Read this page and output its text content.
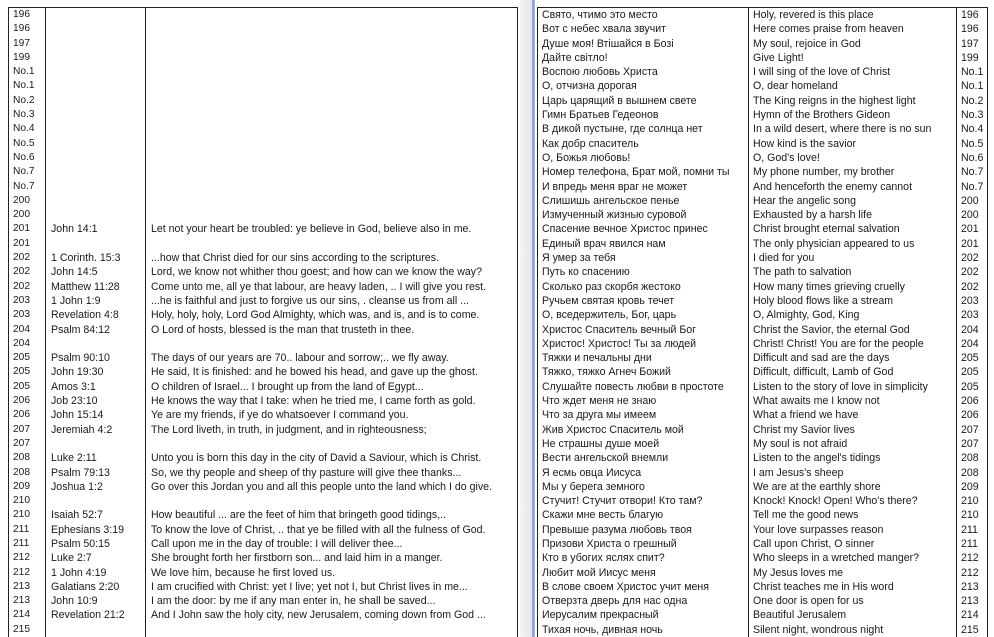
196		
196		
197		
199		
No.1		
No.1		
No.2		
No.3		
No.4		
No.5		
No.6		
No.7		
No.7		
200		
200		
201	John 14:1	Let not your heart be troubled: ye believe in God, believe also in me.
201		
202	1 Corinth. 15:3	...how that Christ died for our sins according to the scriptures.
202	John 14:5	Lord, we know not whither thou goest; and how can we know the way?
202	Matthew 11:28	Come unto me, all ye that labour, are heavy laden, .. I will give you rest.
203	1 John 1:9	...he is faithful and just to forgive us our sins, . cleanse us from all ...
203	Revelation 4:8	Holy, holy, holy, Lord God Almighty, which was, and is, and is to come.
204	Psalm 84:12	O Lord of hosts, blessed is the man that trusteth in thee.
204		
205	Psalm 90:10	The days of our years are 70.. labour and sorrow;.. we fly away.
205	John 19:30	He said, It is finished: and he bowed his head, and gave up the ghost.
205	Amos 3:1	O children of Israel... I brought up from the land of Egypt...
206	Job 23:10	He knows the way that I take: when he tried me, I came forth as gold.
206	John 15:14	Ye are my friends, if ye do whatsoever I command you.
207	Jeremiah 4:2	The Lord liveth, in truth, in judgment, and in righteousness;
207		
208	Luke 2:11	Unto you is born this day in the city of David a Saviour, which is Christ.
208	Psalm 79:13	So, we thy people and sheep of thy pasture will give thee thanks...
209	Joshua 1:2	Go over this Jordan you and all this people unto the land which I do give.
210		
210	Isaiah 52:7	How beautiful ... are the feet of him that bringeth good tidings,..
211	Ephesians 3:19	To know the love of Christ, .. that ye be filled with all the fulness of God.
211	Psalm 50:15	Call upon me in the day of trouble: I will deliver thee...
212	Luke 2:7	She brought forth her firstborn son... and laid him in a manger.
212	1 John 4:19	We love him, because he first loved us.
213	Galatians 2:20	I am crucified with Christ: yet I live; yet not I, but Christ lives in me...
213	John 10:9	I am the door: by me if any man enter in, he shall be saved...
214	Revelation 21:2	And I John saw the holy city, new Jerusalem, coming down from God ...
215		

Свято, чтимо это место	Holy, revered is this place	196
Вот с небес хвала звучит	Here comes praise from heaven	196
Душе моя! Втішайся в Бозі	My soul, rejoice in God	197
Дайте світло!	Give Light!	199
Воспою любовь Христа	I will sing of the love of Christ	No.1
О, отчизна дорогая	O, dear homeland	No.1
Царь царящий в вышнем свете	The King reigns in the highest light	No.2
Гимн Братьев Гедеонов	Hymn of the Brothers Gideon	No.3
В дикой пустыне, где солнца нет	In a wild desert, where there is no sun	No.4
Как добр спаситель	How kind is the savior	No.5
О, Божья любовь!	O, God's love!	No.6
Номер телефона, Брат мой, помни ты	My phone number, my brother	No.7
И впредь меня враг не может	And henceforth the enemy cannot	No.7
Слишишь ангельское пенье	Hear the angelic song	200
Измученный жизнью суровой	Exhausted by a harsh life	200
Спасение вечное Христос принес	Christ brought eternal salvation	201
Единый врач явился нам	The only physician appeared to us	201
Я умер за тебя	I died for you	202
Путь ко спасению	The path to salvation	202
Сколько раз скорбя жестоко	How many times grieving cruelly	202
Ручьем святая кровь течет	Holy blood flows like a stream	203
О, вседержитель, Бог, царь	O, Almighty, God, King	203
Христос Спаситель вечный Бог	Christ the Savior, the eternal God	204
Христос! Христос! Ты за людей	Christ! Christ! You are for the people	204
Тяжки и печальны дни	Difficult and sad are the days	205
Тяжко, тяжко Агнеч Божий	Difficult, difficult, Lamb of God	205
Слушайте повесть любви в простоте	Listen to the story of love in simplicity	205
Что ждет меня не знаю	What awaits me I know not	206
Что за друга мы имеем	What a friend we have	206
Жив Христос Спаситель мой	Christ my Savior lives	207
Не страшны душе моей	My soul is not afraid	207
Вести ангельской внемли	Listen to the angel's tidings	208
Я есмь овца Иисуса	I am Jesus's sheep	208
Мы у берега земного	We are at the earthly shore	209
Стучит! Стучит отвори! Кто там?	Knock! Knock! Open! Who's there?	210
Скажи мне весть благую	Tell me the good news	210
Превыше разума любовь твоя	Your love surpasses reason	211
Призови Христа о грешный	Call upon Christ, O sinner	211
Кто в убогих яслях спит?	Who sleeps in a wretched manger?	212
Любит мой Иисус меня	My Jesus loves me	212
В слове своем Христос учит меня	Christ teaches me in His word	213
Отверзта дверь для нас одна	One door is open for us	213
Иерусалим прекрасный	Beautiful Jerusalem	214
Тихая ночь, дивная ночь	Silent night, wondrous night	215
